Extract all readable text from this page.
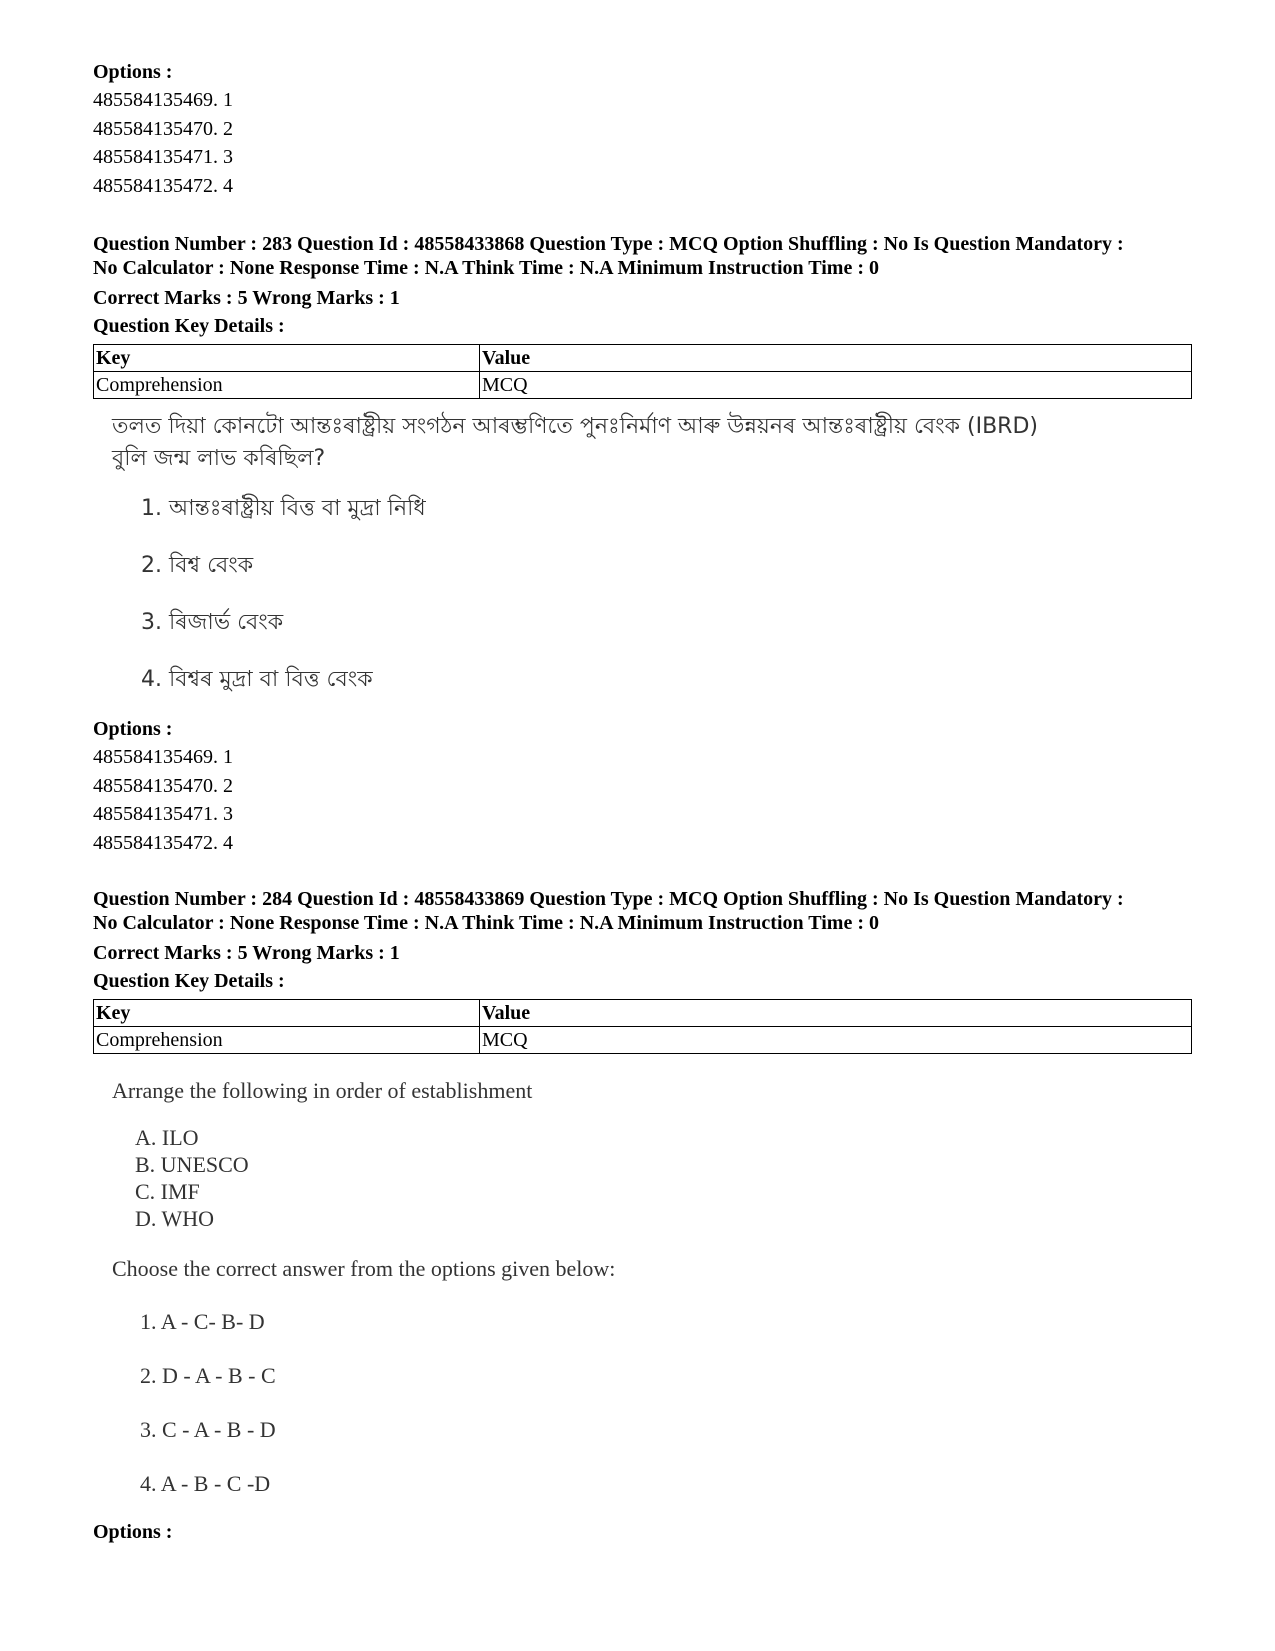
Options :
485584135469. 1
485584135470. 2
485584135471. 3
485584135472. 4
Question Number : 283 Question Id : 48558433868 Question Type : MCQ Option Shuffling : No Is Question Mandatory :
No Calculator : None Response Time : N.A Think Time : N.A Minimum Instruction Time : 0
Correct Marks : 5 Wrong Marks : 1
Question Key Details :
Key	Value
Comprehension	MCQ
তলত দিয়া কোনটো আন্তঃৰাষ্ট্ৰীয় সংগঠন আৰম্ভণিতে পুনঃনিৰ্মাণ আৰু উন্নয়নৰ আন্তঃৰাষ্ট্ৰীয় বেংক (IBRD)
বুলি জন্ম লাভ কৰিছিল?
1. আন্তঃৰাষ্ট্ৰীয় বিত্ত বা মুদ্ৰা নিধি
2. বিশ্ব বেংক
3. ৰিজাৰ্ভ বেংক
4. বিশ্বৰ মুদ্ৰা বা বিত্ত বেংক
Options :
485584135469. 1
485584135470. 2
485584135471. 3
485584135472. 4
Question Number : 284 Question Id : 48558433869 Question Type : MCQ Option Shuffling : No Is Question Mandatory :
No Calculator : None Response Time : N.A Think Time : N.A Minimum Instruction Time : 0
Correct Marks : 5 Wrong Marks : 1
Question Key Details :
Key	Value
Comprehension	MCQ
Arrange the following in order of establishment
A. ILO
B. UNESCO
C. IMF
D. WHO
Choose the correct answer from the options given below:
1. A - C- B- D
2. D - A - B - C
3. C - A - B - D
4. A - B - C -D
Options :
